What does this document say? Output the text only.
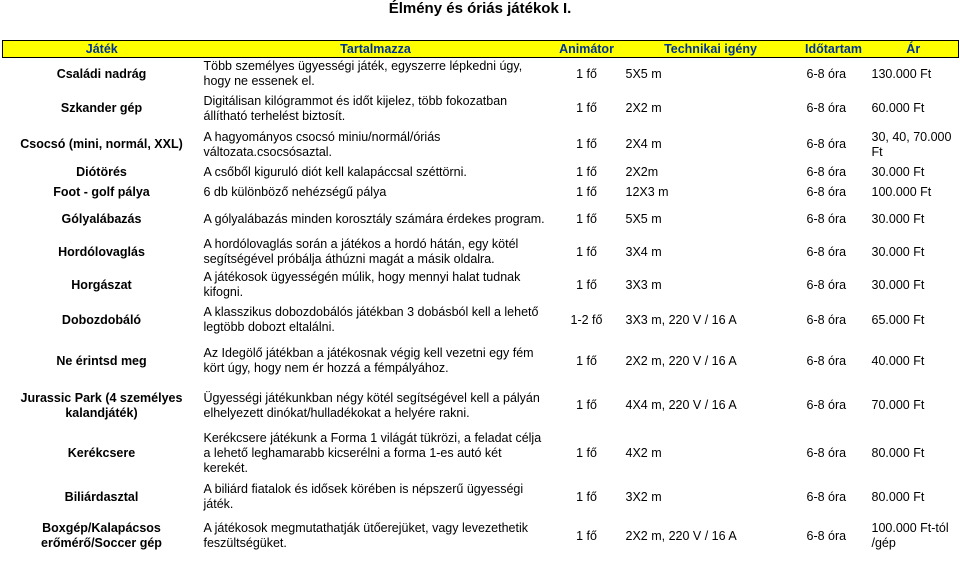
Élmény és óriás játékok I.
Játék	Tartalmazza	Animátor	Technikai igény	Időtartam	Ár
Családi nadrág	Több személyes ügyességi játék, egyszerre lépkedni úgy, hogy ne essenek el.	1 fő	5X5 m	6-8 óra	130.000 Ft
Szkander gép	Digitálisan kilógrammot és időt kijelez, több fokozatban állítható terhelést biztosít.	1 fő	2X2 m	6-8 óra	60.000 Ft
Csocsó (mini, normál, XXL)	A hagyományos csocsó miniu/normál/óriás változata.csocsósaztal.	1 fő	2X4 m	6-8 óra	30, 40, 70.000 Ft
Diótörés	A csőből kiguruló diót kell kalapáccsal széttörni.	1 fő	2X2m	6-8 óra	30.000 Ft
Foot - golf pálya	6 db különböző nehézségű pálya	1 fő	12X3 m	6-8 óra	100.000 Ft
Gólyalábazás	A gólyalábazás minden korosztály számára érdekes program.	1 fő	5X5 m	6-8 óra	30.000 Ft
Hordólovaglás	A hordólovaglás során a játékos a hordó hátán, egy kötél segítségével próbálja áthúzni magát a másik oldalra.	1 fő	3X4 m	6-8 óra	30.000 Ft
Horgászat	A játékosok ügyességén múlik, hogy mennyi halat tudnak kifogni.	1 fő	3X3 m	6-8 óra	30.000 Ft
Dobozdobáló	A klasszikus dobozdobálós játékban 3 dobásból kell a lehető legtöbb dobozt eltalálni.	1-2 fő	3X3 m, 220 V / 16 A	6-8 óra	65.000 Ft
Ne érintsd meg	Az Idegölő játékban a játékosnak végig kell vezetni egy fém kört úgy, hogy nem ér hozzá a fémpályához.	1 fő	2X2 m, 220 V / 16 A	6-8 óra	40.000 Ft
Jurassic Park (4 személyes kalandjáték)	Ügyességi játékunkban négy kötél segítségével kell a pályán elhelyezett dinókat/hulladékokat a helyére rakni.	1 fő	4X4 m, 220 V / 16 A	6-8 óra	70.000 Ft
Kerékcsere	Kerékcsere játékunk a Forma 1 világát tükrözi, a feladat célja a lehető leghamarabb kicserélni a forma 1-es autó két kerekét.	1 fő	4X2 m	6-8 óra	80.000 Ft
Biliárdasztal	A biliárd fiatalok és idősek körében is népszerű ügyességi játék.	1 fő	3X2 m	6-8 óra	80.000 Ft
Boxgép/Kalapácsos erőmérő/Soccer gép	A játékosok megmutathatják ütőerejüket, vagy levezethetik feszültségüket.	1 fő	2X2 m, 220 V / 16 A	6-8 óra	100.000 Ft-tól /gép
